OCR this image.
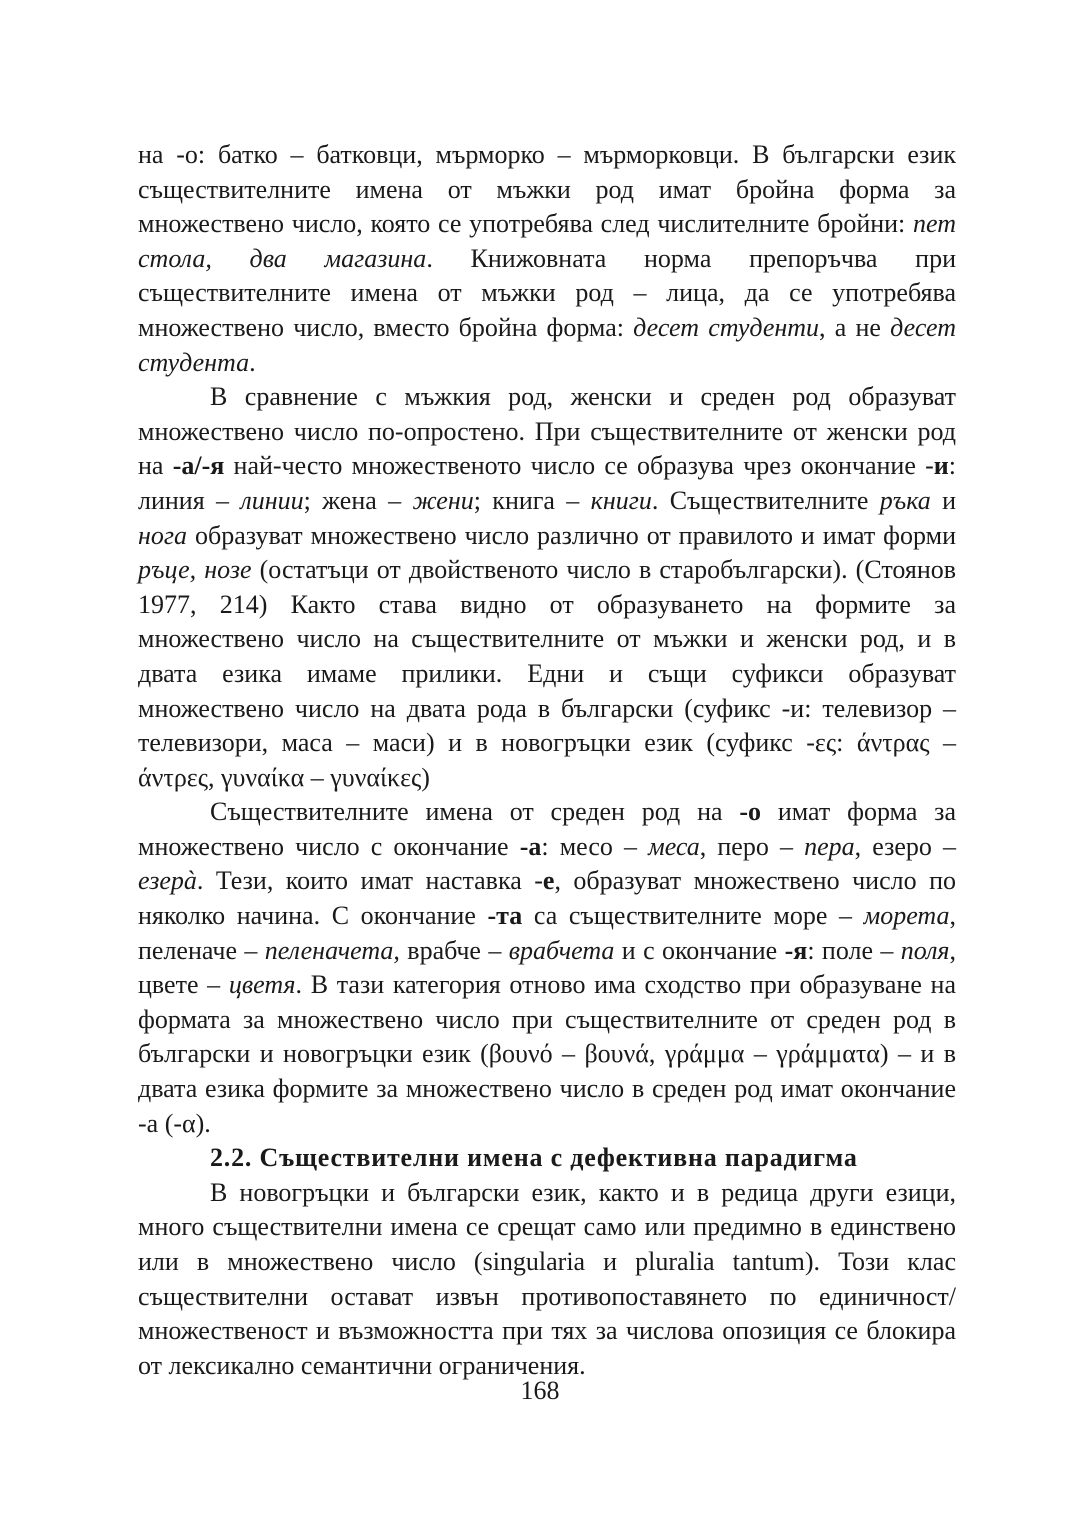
на -о: батко – батковци, мърморко – мърморковци. В български език съществителните имена от мъжки род имат бройна форма за множествено число, която се употребява след числителните бройни: пет стола, два магазина. Книжовната норма препоръчва при съществителните имена от мъжки род – лица, да се употребява множествено число, вместо бройна форма: десет студенти, а не десет студента.

В сравнение с мъжкия род, женски и среден род образуват множествено число по-опростено. При съществителните от женски род на -а/-я най-често множественото число се образува чрез окончание -и: линия – линии; жена – жени; книга – книги. Съществителните ръка и нога образуват множествено число различно от правилото и имат форми ръце, нозе (остатъци от двойственото число в старобългарски). (Стоянов 1977, 214) Както става видно от образуването на формите за множествено число на съществителните от мъжки и женски род, и в двата езика имаме прилики. Едни и същи суфикси образуват множествено число на двата рода в български (суфикс -и: телевизор – телевизори, маса – маси) и в новогръцки език (суфикс -ες: άντρας – άντρες, γυναίκα – γυναίκες)

Съществителните имена от среден род на -о имат форма за множествено число с окончание -а: месо – меса, перо – пера, езеро – езерà. Тези, които имат наставка -е, образуват множествено число по няколко начина. С окончание -та са съществителните море – морета, пеленаче – пеленачета, врабче – врабчета и с окончание -я: поле – поля, цвете – цветя. В тази категория отново има сходство при образуване на формата за множествено число при съществителните от среден род в български и новогръцки език (βουνό – βουνά, γράμμα – γράμματα) – и в двата езика формите за множествено число в среден род имат окончание -а (-α).

2.2. Съществителни имена с дефективна парадигма

В новогръцки и български език, както и в редица други езици, много съществителни имена се срещат само или предимно в единствено или в множествено число (singularia и pluralia tantum). Този клас съществителни остават извън противопоставянето по единичност/множественост и възможността при тях за числова опозиция се блокира от лексикално семантични ограничения.

168
